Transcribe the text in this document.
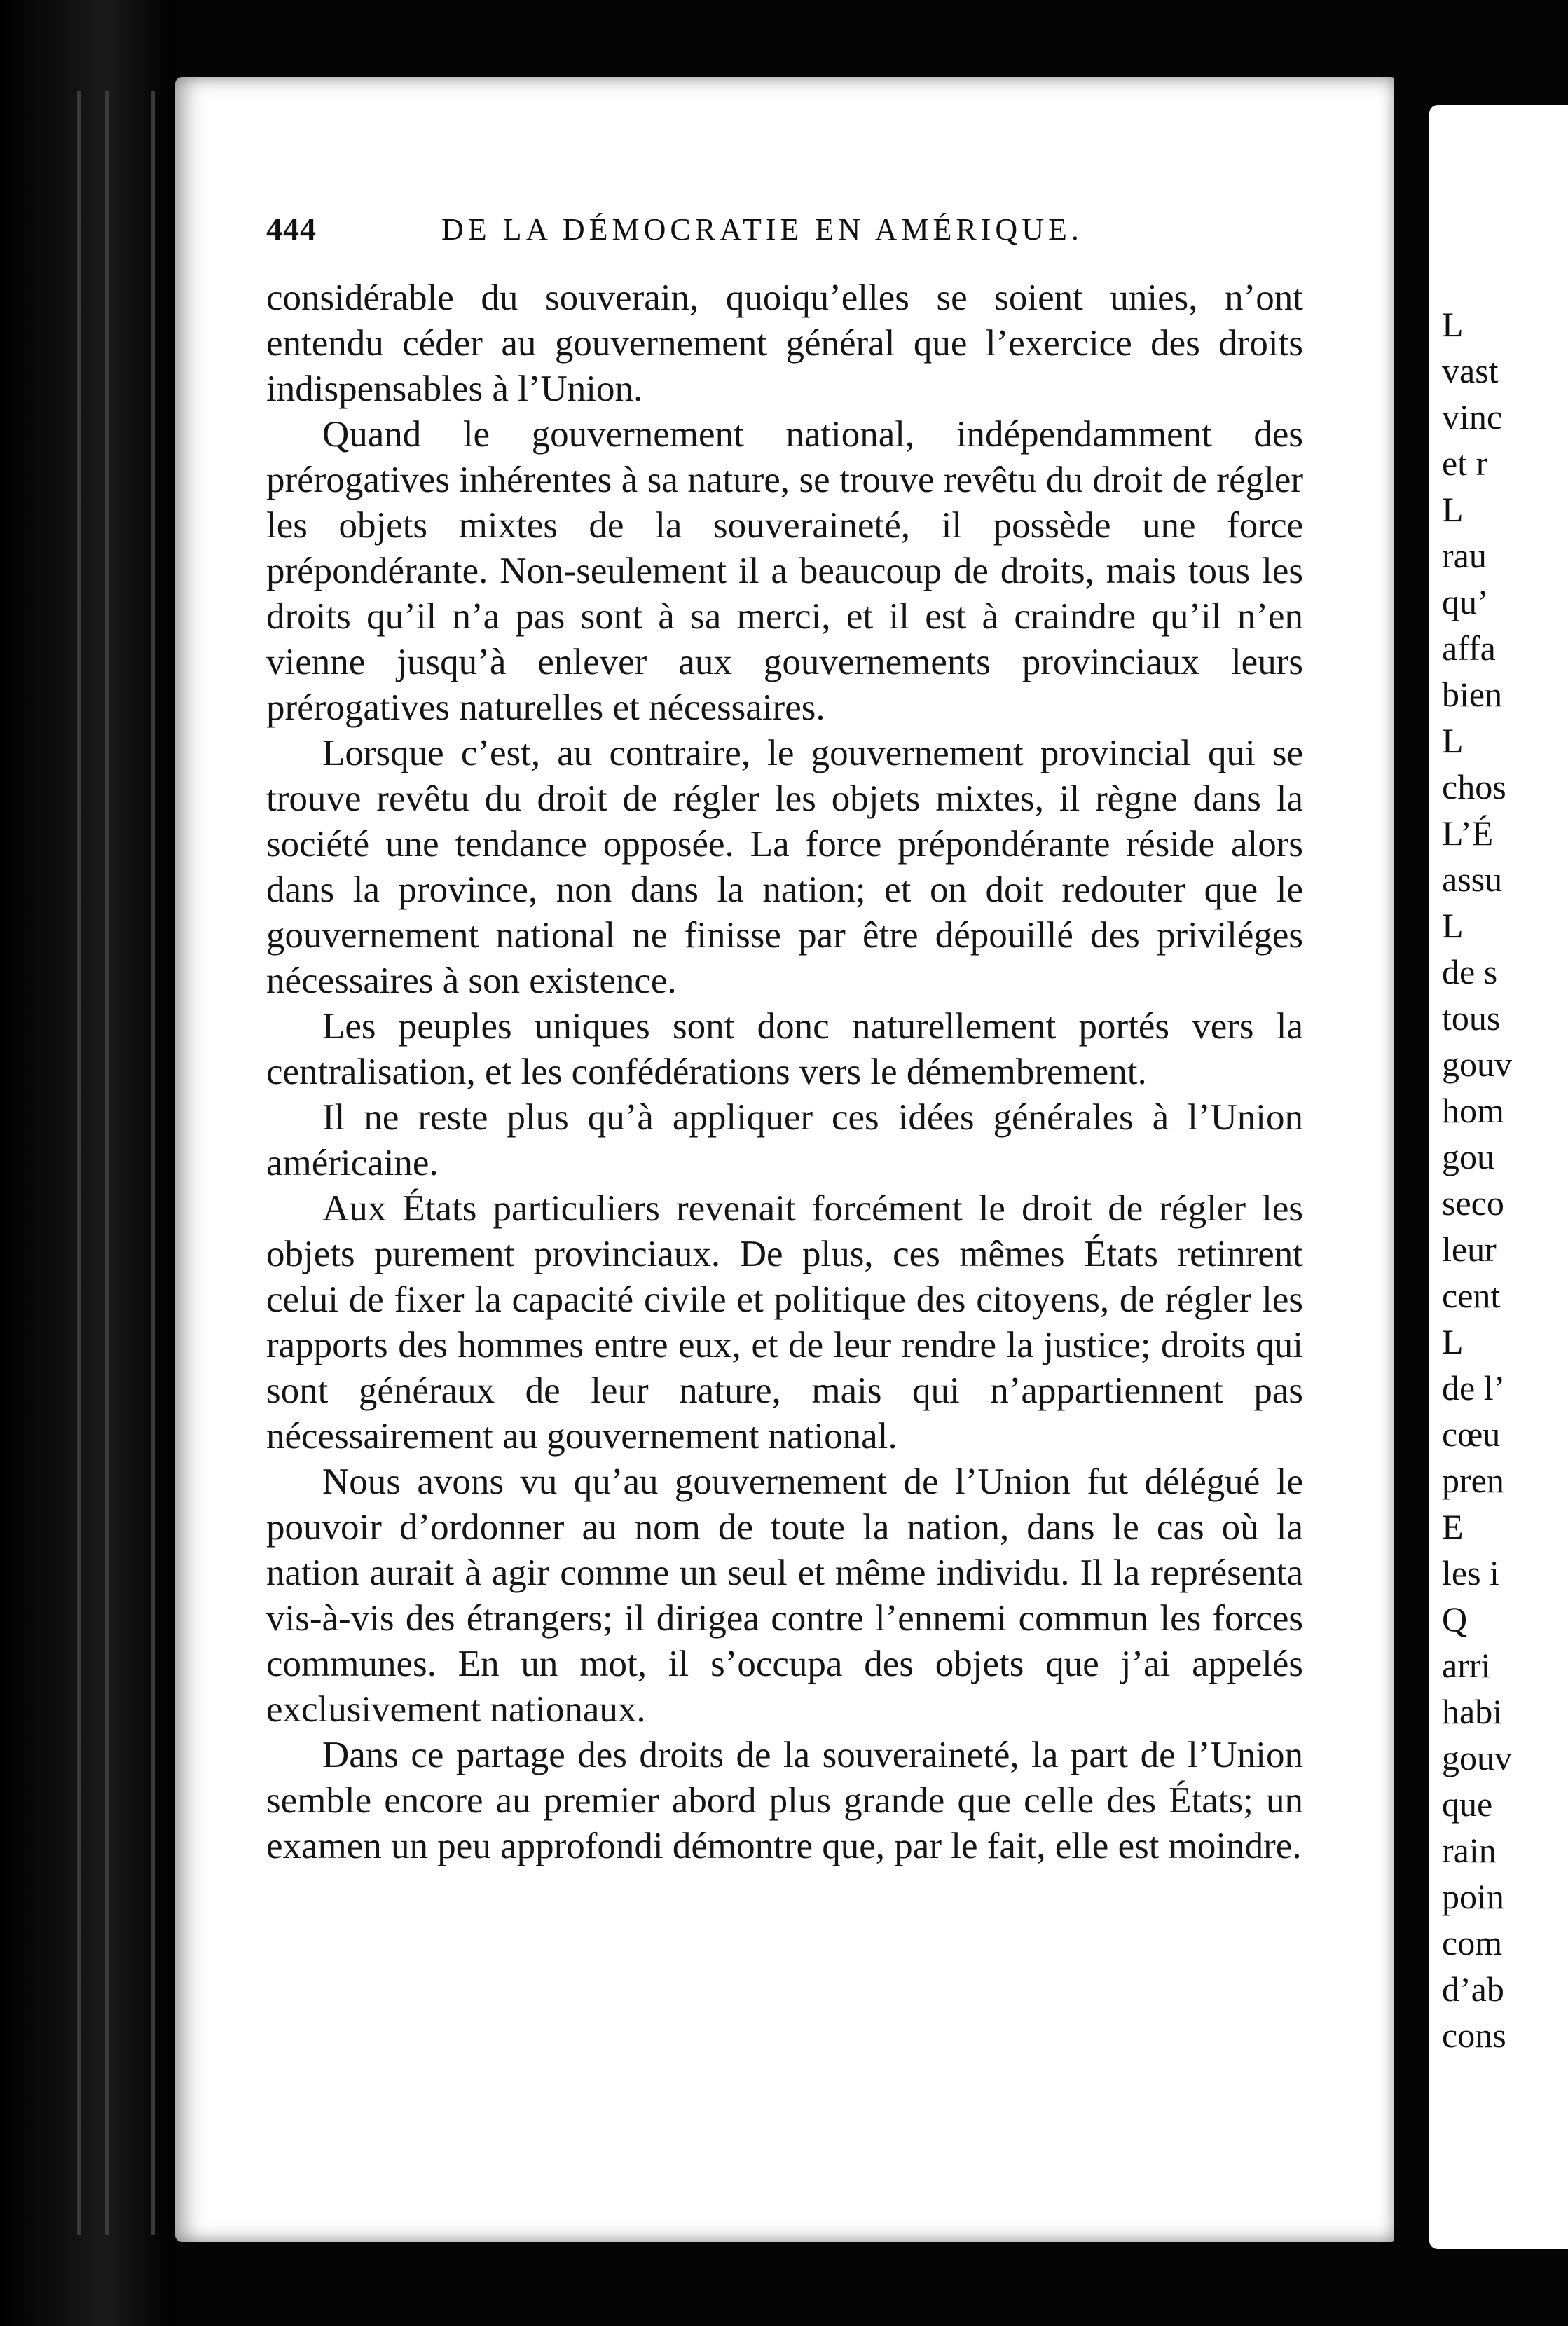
444	DE LA DÉMOCRATIE EN AMÉRIQUE.

considérable du souverain, quoiqu’elles se soient unies, n’ont entendu céder au gouvernement général que l’exercice des droits indispensables à l’Union.

Quand le gouvernement national, indépendamment des prérogatives inhérentes à sa nature, se trouve revêtu du droit de régler les objets mixtes de la souveraineté, il possède une force prépondérante. Non-seulement il a beaucoup de droits, mais tous les droits qu’il n’a pas sont à sa merci, et il est à craindre qu’il n’en vienne jusqu’à enlever aux gouvernements provinciaux leurs prérogatives naturelles et nécessaires.

Lorsque c’est, au contraire, le gouvernement provincial qui se trouve revêtu du droit de régler les objets mixtes, il règne dans la société une tendance opposée. La force prépondérante réside alors dans la province, non dans la nation; et on doit redouter que le gouvernement national ne finisse par être dépouillé des priviléges nécessaires à son existence.

Les peuples uniques sont donc naturellement portés vers la centralisation, et les confédérations vers le démembrement.

Il ne reste plus qu’à appliquer ces idées générales à l’Union américaine.

Aux États particuliers revenait forcément le droit de régler les objets purement provinciaux. De plus, ces mêmes États retinrent celui de fixer la capacité civile et politique des citoyens, de régler les rapports des hommes entre eux, et de leur rendre la justice; droits qui sont généraux de leur nature, mais qui n’appartiennent pas nécessairement au gouvernement national.

Nous avons vu qu’au gouvernement de l’Union fut délégué le pouvoir d’ordonner au nom de toute la nation, dans le cas où la nation aurait à agir comme un seul et même individu. Il la représenta vis-à-vis des étrangers; il dirigea contre l’ennemi commun les forces communes. En un mot, il s’occupa des objets que j’ai appelés exclusivement nationaux.

Dans ce partage des droits de la souveraineté, la part de l’Union semble encore au premier abord plus grande que celle des États; un examen un peu approfondi démontre que, par le fait, elle est moindre.

L
vast
vinc
et r
L
rau
qu’
affa
bien
L
chos
L’É
assu
L
de s
tous
gouv
hom
gou
seco
leur
cent
L
de l’
cœu
pren
E
les i
Q
arri
habi
gouv
que
rain
poin
com
d’ab
cons
